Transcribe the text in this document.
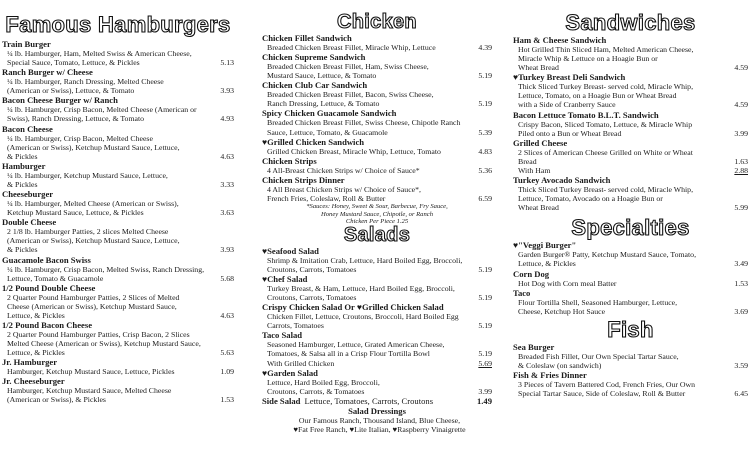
Famous Hamburgers
Train Burger
¼ lb. Hamburger, Ham, Melted Swiss & American Cheese,
Special Sauce, Tomato, Lettuce, & Pickles	5.13
Ranch Burger w/ Cheese
¼ lb. Hamburger, Ranch Dressing, Melted Cheese
(American or Swiss), Lettuce, & Tomato	3.93
Bacon Cheese Burger w/ Ranch
¼ lb. Hamburger, Crisp Bacon, Melted Cheese (American or
Swiss), Ranch Dressing, Lettuce, & Tomato	4.93
Bacon Cheese
¼ lb. Hamburger, Crisp Bacon, Melted Cheese
(American or Swiss), Ketchup Mustard Sauce, Lettuce,
& Pickles	4.63
Hamburger
¼ lb. Hamburger, Ketchup Mustard Sauce, Lettuce,
& Pickles	3.33
Cheeseburger
¼ lb. Hamburger, Melted Cheese (American or Swiss),
Ketchup Mustard Sauce, Lettuce, & Pickles	3.63
Double Cheese
2 1/8 lb. Hamburger Patties, 2 slices Melted Cheese
(American or Swiss), Ketchup Mustard Sauce, Lettuce,
& Pickles	3.93
Guacamole Bacon Swiss
¼ lb. Hamburger, Crisp Bacon, Melted Swiss, Ranch Dressing,
Lettuce, Tomato & Guacamole	5.68
1/2 Pound Double Cheese
2 Quarter Pound Hamburger Patties, 2 Slices of Melted
Cheese (American or Swiss), Ketchup Mustard Sauce,
Lettuce, & Pickles	4.63
1/2 Pound Bacon Cheese
2 Quarter Pound Hamburger Patties, Crisp Bacon, 2 Slices
Melted Cheese (American or Swiss), Ketchup Mustard Sauce,
Lettuce, & Pickles	5.63
Jr. Hamburger
Hamburger, Ketchup Mustard Sauce, Lettuce, Pickles	1.09
Jr. Cheeseburger
Hamburger, Ketchup Mustard Sauce, Melted Cheese
(American or Swiss), & Pickles	1.53
Chicken
Chicken Fillet Sandwich
Breaded Chicken Breast Fillet, Miracle Whip, Lettuce	4.39
Chicken Supreme Sandwich
Breaded Chicken Breast Fillet, Ham, Swiss Cheese,
Mustard Sauce, Lettuce, & Tomato	5.19
Chicken Club Car Sandwich
Breaded Chicken Breast Fillet, Bacon, Swiss Cheese,
Ranch Dressing, Lettuce, & Tomato	5.19
Spicy Chicken Guacamole Sandwich
Breaded Chicken Breast Fillet, Swiss Cheese, Chipotle Ranch
Sauce, Lettuce, Tomato, & Guacamole	5.39
♥Grilled Chicken Sandwich
Grilled Chicken Breast, Miracle Whip, Lettuce, Tomato	4.83
Chicken Strips
4 All-Breast Chicken Strips w/ Choice of Sauce*	5.36
Chicken Strips Dinner
4 All Breast Chicken Strips w/ Choice of Sauce*,
French Fries, Coleslaw, Roll & Butter	6.59
*Sauces: Honey, Sweet & Sour, Barbecue, Fry Sauce,
Honey Mustard Sauce, Chipotle, or Ranch
Chicken Per Piece 1.25
Salads
♥Seafood Salad
Shrimp & Imitation Crab, Lettuce, Hard Boiled Egg, Broccoli,
Croutons, Carrots, Tomatoes	5.19
♥Chef Salad
Turkey Breast, & Ham, Lettuce, Hard Boiled Egg, Broccoli,
Croutons, Carrots, Tomatoes	5.19
Crispy Chicken Salad Or ♥Grilled Chicken Salad
Chicken Fillet, Lettuce, Croutons, Broccoli, Hard Boiled Egg
Carrots, Tomatoes	5.19
Taco Salad
Seasoned Hamburger, Lettuce, Grated American Cheese,
Tomatoes, & Salsa all in a Crisp Flour Tortilla Bowl	5.19
With Grilled Chicken	5.69
♥Garden Salad
Lettuce, Hard Boiled Egg, Broccoli,
Croutons, Carrots, & Tomatoes	3.99
Side Salad Lettuce, Tomatoes, Carrots, Croutons	1.49
Salad Dressings
Our Famous Ranch, Thousand Island, Blue Cheese,
♥Fat Free Ranch, ♥Lite Italian, ♥Raspberry Vinaigrette
Sandwiches
Ham & Cheese Sandwich
Hot Grilled Thin Sliced Ham, Melted American Cheese,
Miracle Whip & Lettuce on a Hoagie Bun or
Wheat Bread	4.59
♥Turkey Breast Deli Sandwich
Thick Sliced Turkey Breast- served cold, Miracle Whip,
Lettuce, Tomato, on a Hoagie Bun or Wheat Bread
with a Side of Cranberry Sauce	4.59
Bacon Lettuce Tomato B.L.T. Sandwich
Crispy Bacon, Sliced Tomato, Lettuce, & Miracle Whip
Piled onto a Bun or Wheat Bread	3.99
Grilled Cheese
2 Slices of American Cheese Grilled on White or Wheat
Bread	1.63
With Ham	2.88
Turkey Avocado Sandwich
Thick Sliced Turkey Breast- served cold, Miracle Whip,
Lettuce, Tomato, Avocado on a Hoagie Bun or
Wheat Bread	5.99
Specialties
♥"Veggi Burger"
Garden Burger® Patty, Ketchup Mustard Sauce, Tomato,
Lettuce, & Pickles	3.49
Corn Dog
Hot Dog with Corn meal Batter	1.53
Taco
Flour Tortilla Shell, Seasoned Hamburger, Lettuce,
Cheese, Ketchup Hot Sauce	3.69
Fish
Sea Burger
Breaded Fish Fillet, Our Own Special Tartar Sauce,
& Coleslaw (on sandwich)	3.59
Fish & Fries Dinner
3 Pieces of Tavern Battered Cod, French Fries, Our Own
Special Tartar Sauce, Side of Coleslaw, Roll & Butter	6.45
